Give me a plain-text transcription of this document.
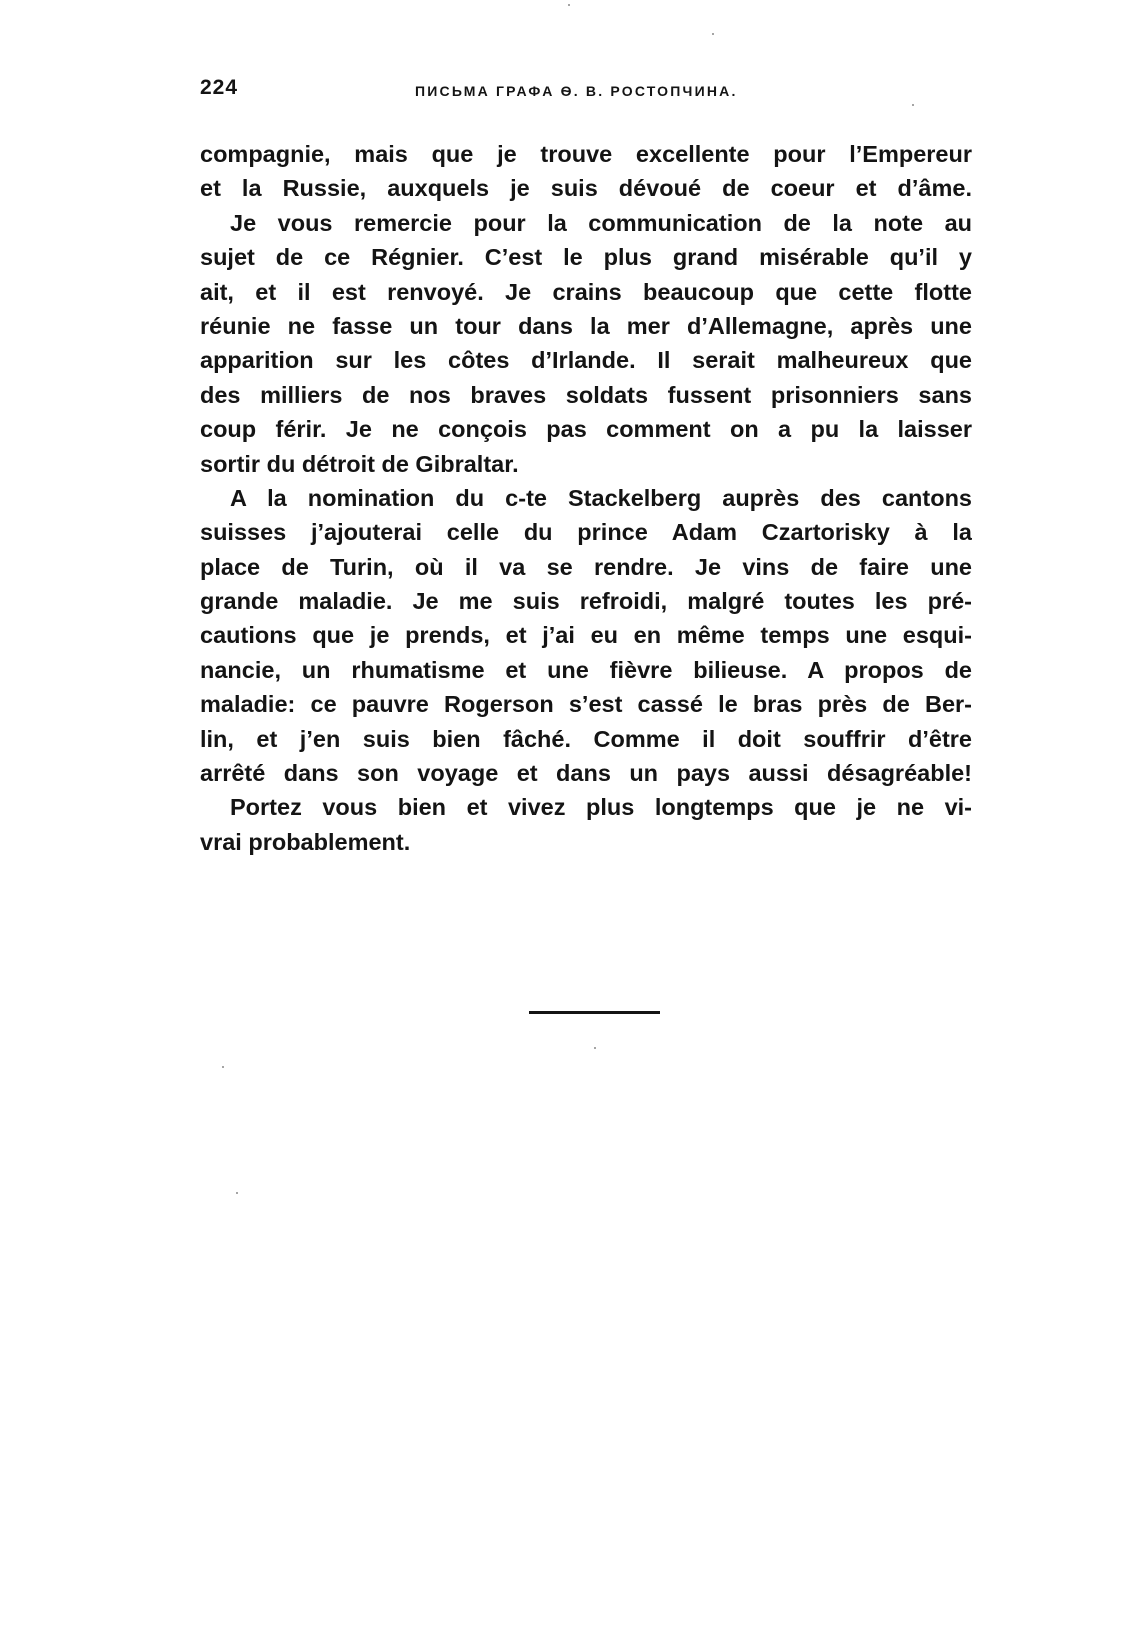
224	ПИСЬМА ГРАФА Ѳ. В. РОСТОПЧИНА.
compagnie, mais que je trouve excellente pour l’Empereur
et la Russie, auxquels je suis dévoué de coeur et d’âme.
Je vous remercie pour la communication de la note au
sujet de ce Régnier. C’est le plus grand misérable qu’il y
ait, et il est renvoyé. Je crains beaucoup que cette flotte
réunie ne fasse un tour dans la mer d’Allemagne, après une
apparition sur les côtes d’Irlande. Il serait malheureux que
des milliers de nos braves soldats fussent prisonniers sans
coup férir. Je ne conçois pas comment on a pu la laisser
sortir du détroit de Gibraltar.
A la nomination du c-te Stackelberg auprès des cantons
suisses j’ajouterai celle du prince Adam Czartorisky à la
place de Turin, où il va se rendre. Je vins de faire une
grande maladie. Je me suis refroidi, malgré toutes les pré-
cautions que je prends, et j’ai eu en même temps une esqui-
nancie, un rhumatisme et une fièvre bilieuse. A propos de
maladie: ce pauvre Rogerson s’est cassé le bras près de Ber-
lin, et j’en suis bien fâché. Comme il doit souffrir d’être
arrêté dans son voyage et dans un pays aussi désagréable!
Portez vous bien et vivez plus longtemps que je ne vi-
vrai probablement.
